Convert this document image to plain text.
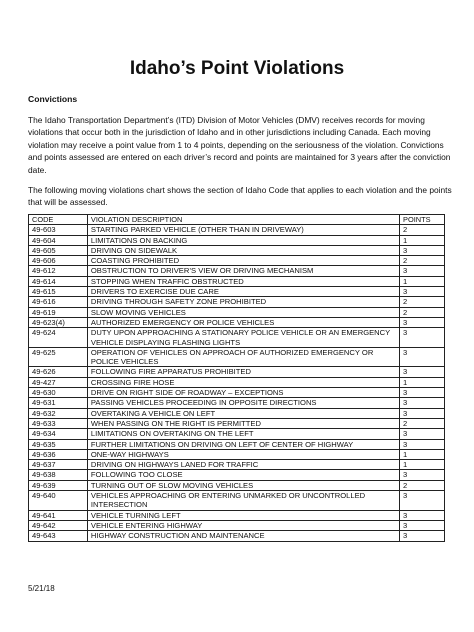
Idaho’s Point Violations
Convictions

The Idaho Transportation Department’s (ITD) Division of Motor Vehicles (DMV) receives records for moving violations that occur both in the jurisdiction of Idaho and in other jurisdictions including Canada. Each moving violation may receive a point value from 1 to 4 points, depending on the seriousness of the violation. Convictions and points assessed are entered on each driver’s record and points are maintained for 3 years after the conviction date.

The following moving violations chart shows the section of Idaho Code that applies to each violation and the points that will be assessed.

CODE	VIOLATION DESCRIPTION	POINTS
49-603	STARTING PARKED VEHICLE (OTHER THAN IN DRIVEWAY)	2
49-604	LIMITATIONS ON BACKING	1
49-605	DRIVING ON SIDEWALK	3
49-606	COASTING PROHIBITED	2
49-612	OBSTRUCTION TO DRIVER’S VIEW OR DRIVING MECHANISM	3
49-614	STOPPING WHEN TRAFFIC OBSTRUCTED	1
49-615	DRIVERS TO EXERCISE DUE CARE	3
49-616	DRIVING THROUGH SAFETY ZONE PROHIBITED	2
49-619	SLOW MOVING VEHICLES	2
49-623(4)	AUTHORIZED EMERGENCY OR POLICE VEHICLES	3
49-624	DUTY UPON APPROACHING A STATIONARY POLICE VEHICLE OR AN EMERGENCY VEHICLE DISPLAYING FLASHING LIGHTS	3
49-625	OPERATION OF VEHICLES ON APPROACH OF AUTHORIZED EMERGENCY OR POLICE VEHICLES	3
49-626	FOLLOWING FIRE APPARATUS PROHIBITED	3
49-427	CROSSING FIRE HOSE	1
49-630	DRIVE ON RIGHT SIDE OF ROADWAY – EXCEPTIONS	3
49-631	PASSING VEHICLES PROCEEDING IN OPPOSITE DIRECTIONS	3
49-632	OVERTAKING A VEHICLE ON LEFT	3
49-633	WHEN PASSING ON THE RIGHT IS PERMITTED	2
49-634	LIMITATIONS ON OVERTAKING ON THE LEFT	3
49-635	FURTHER LIMITATIONS ON DRIVING ON LEFT OF CENTER OF HIGHWAY	3
49-636	ONE-WAY HIGHWAYS	1
49-637	DRIVING ON HIGHWAYS LANED FOR TRAFFIC	1
49-638	FOLLOWING TOO CLOSE	3
49-639	TURNING OUT OF SLOW MOVING VEHICLES	2
49-640	VEHICLES APPROACHING OR ENTERING UNMARKED OR UNCONTROLLED INTERSECTION	3
49-641	VEHICLE TURNING LEFT	3
49-642	VEHICLE ENTERING HIGHWAY	3
49-643	HIGHWAY CONSTRUCTION AND MAINTENANCE	3

5/21/18
